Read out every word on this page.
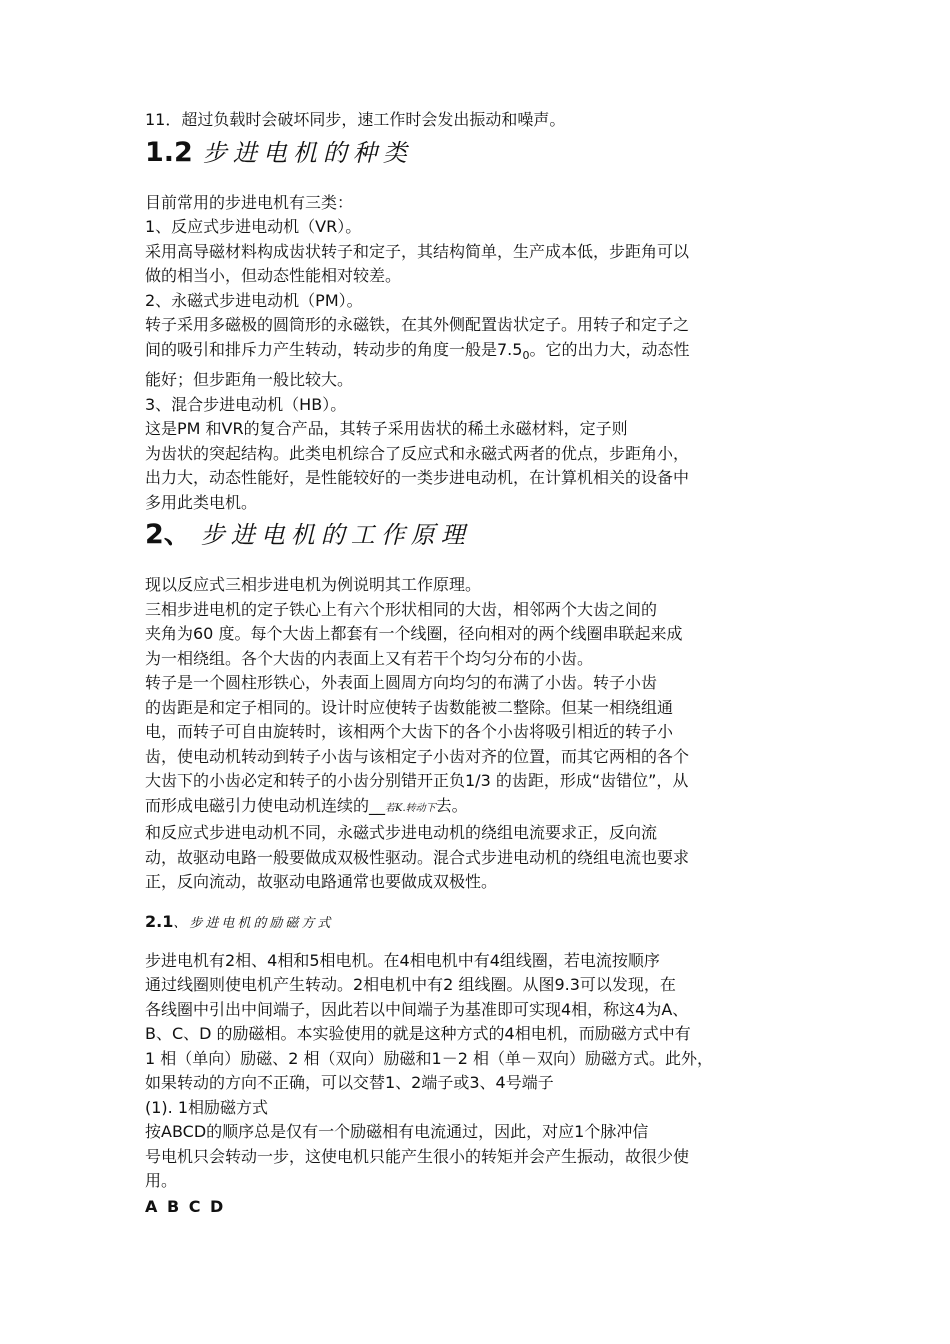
11．超过负载时会破坏同步，速工作时会发出振动和噪声。

1.2 步进电机的种类

目前常用的步进电机有三类：

1、反应式步进电动机（VR）。

采用高导磁材料构成齿状转子和定子，其结构简单，生产成本低，步距角可以

做的相当小，但动态性能相对较差。

2、永磁式步进电动机（PM）。

转子采用多磁极的圆筒形的永磁铁，在其外侧配置齿状定子。用转子和定子之

间的吸引和排斥力产生转动，转动步的角度一般是$7.5_0$。它的出力大，动态性

能好；但步距角一般比较大。

3、混合步进电动机（HB）。

这是PM 和VR的复合产品，其转子采用齿状的稀土永磁材料，定子则

为齿状的突起结构。此类电机综合了反应式和永磁式两者的优点，步距角小，

出力大，动态性能好，是性能较好的一类步进电动机，在计算机相关的设备中

多用此类电机。

2、 步进电机的工作原理

现以反应式三相步进电机为例说明其工作原理。

三相步进电机的定子铁心上有六个形状相同的大齿，相邻两个大齿之间的

夹角为60 度。每个大齿上都套有一个线圈，径向相对的两个线圈串联起来成

为一相绕组。各个大齿的内表面上又有若干个均匀分布的小齿。

转子是一个圆柱形铁心，外表面上圆周方向均匀的布满了小齿。转子小齿

的齿距是和定子相同的。设计时应使转子齿数能被二整除。但某一相绕组通

电，而转子可自由旋转时，该相两个大齿下的各个小齿将吸引相近的转子小

齿，使电动机转动到转子小齿与该相定子小齿对齐的位置，而其它两相的各个

大齿下的小齿必定和转子的小齿分别错开正负1/3 的齿距，形成“齿错位”，从

而形成电磁引力使电动机连续的__若K.转动下去。

和反应式步进电动机不同，永磁式步进电动机的绕组电流要求正，反向流

动，故驱动电路一般要做成双极性驱动。混合式步进电动机的绕组电流也要求

正，反向流动，故驱动电路通常也要做成双极性。

2.1、步进电机的励磁方式

步进电机有2相、4相和5相电机。在4相电机中有4组线圈，若电流按顺序

通过线圈则使电机产生转动。2相电机中有2 组线圈。从图9.3可以发现，在

各线圈中引出中间端子，因此若以中间端子为基准即可实现4相，称这4为A、

B、C、D 的励磁相。本实验使用的就是这种方式的4相电机，而励磁方式中有

1 相（单向）励磁、2 相（双向）励磁和1－2 相（单－双向）励磁方式。此外，

如果转动的方向不正确，可以交替1、2端子或3、4号端子

(1). 1相励磁方式

按ABCD的顺序总是仅有一个励磁相有电流通过，因此，对应1个脉冲信

号电机只会转动一步，这使电机只能产生很小的转矩并会产生振动，故很少使

用。

A B C D
